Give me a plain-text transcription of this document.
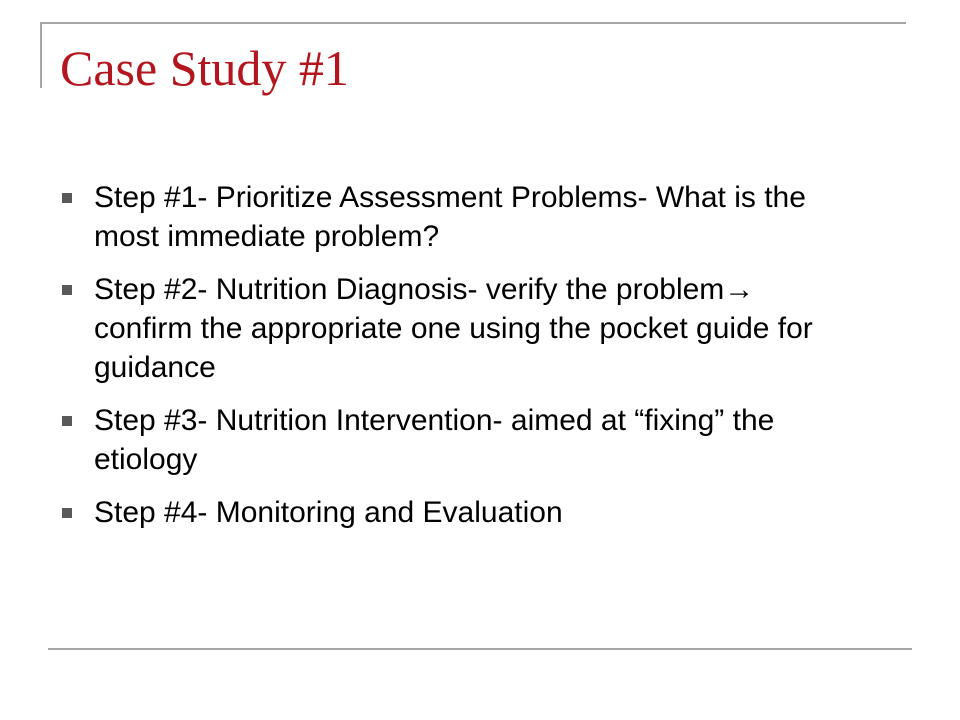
Case Study #1
Step #1- Prioritize Assessment Problems- What is the most immediate problem?
Step #2- Nutrition Diagnosis- verify the problem→ confirm the appropriate one using the pocket guide for guidance
Step #3- Nutrition Intervention- aimed at “fixing” the etiology
Step #4- Monitoring and Evaluation
